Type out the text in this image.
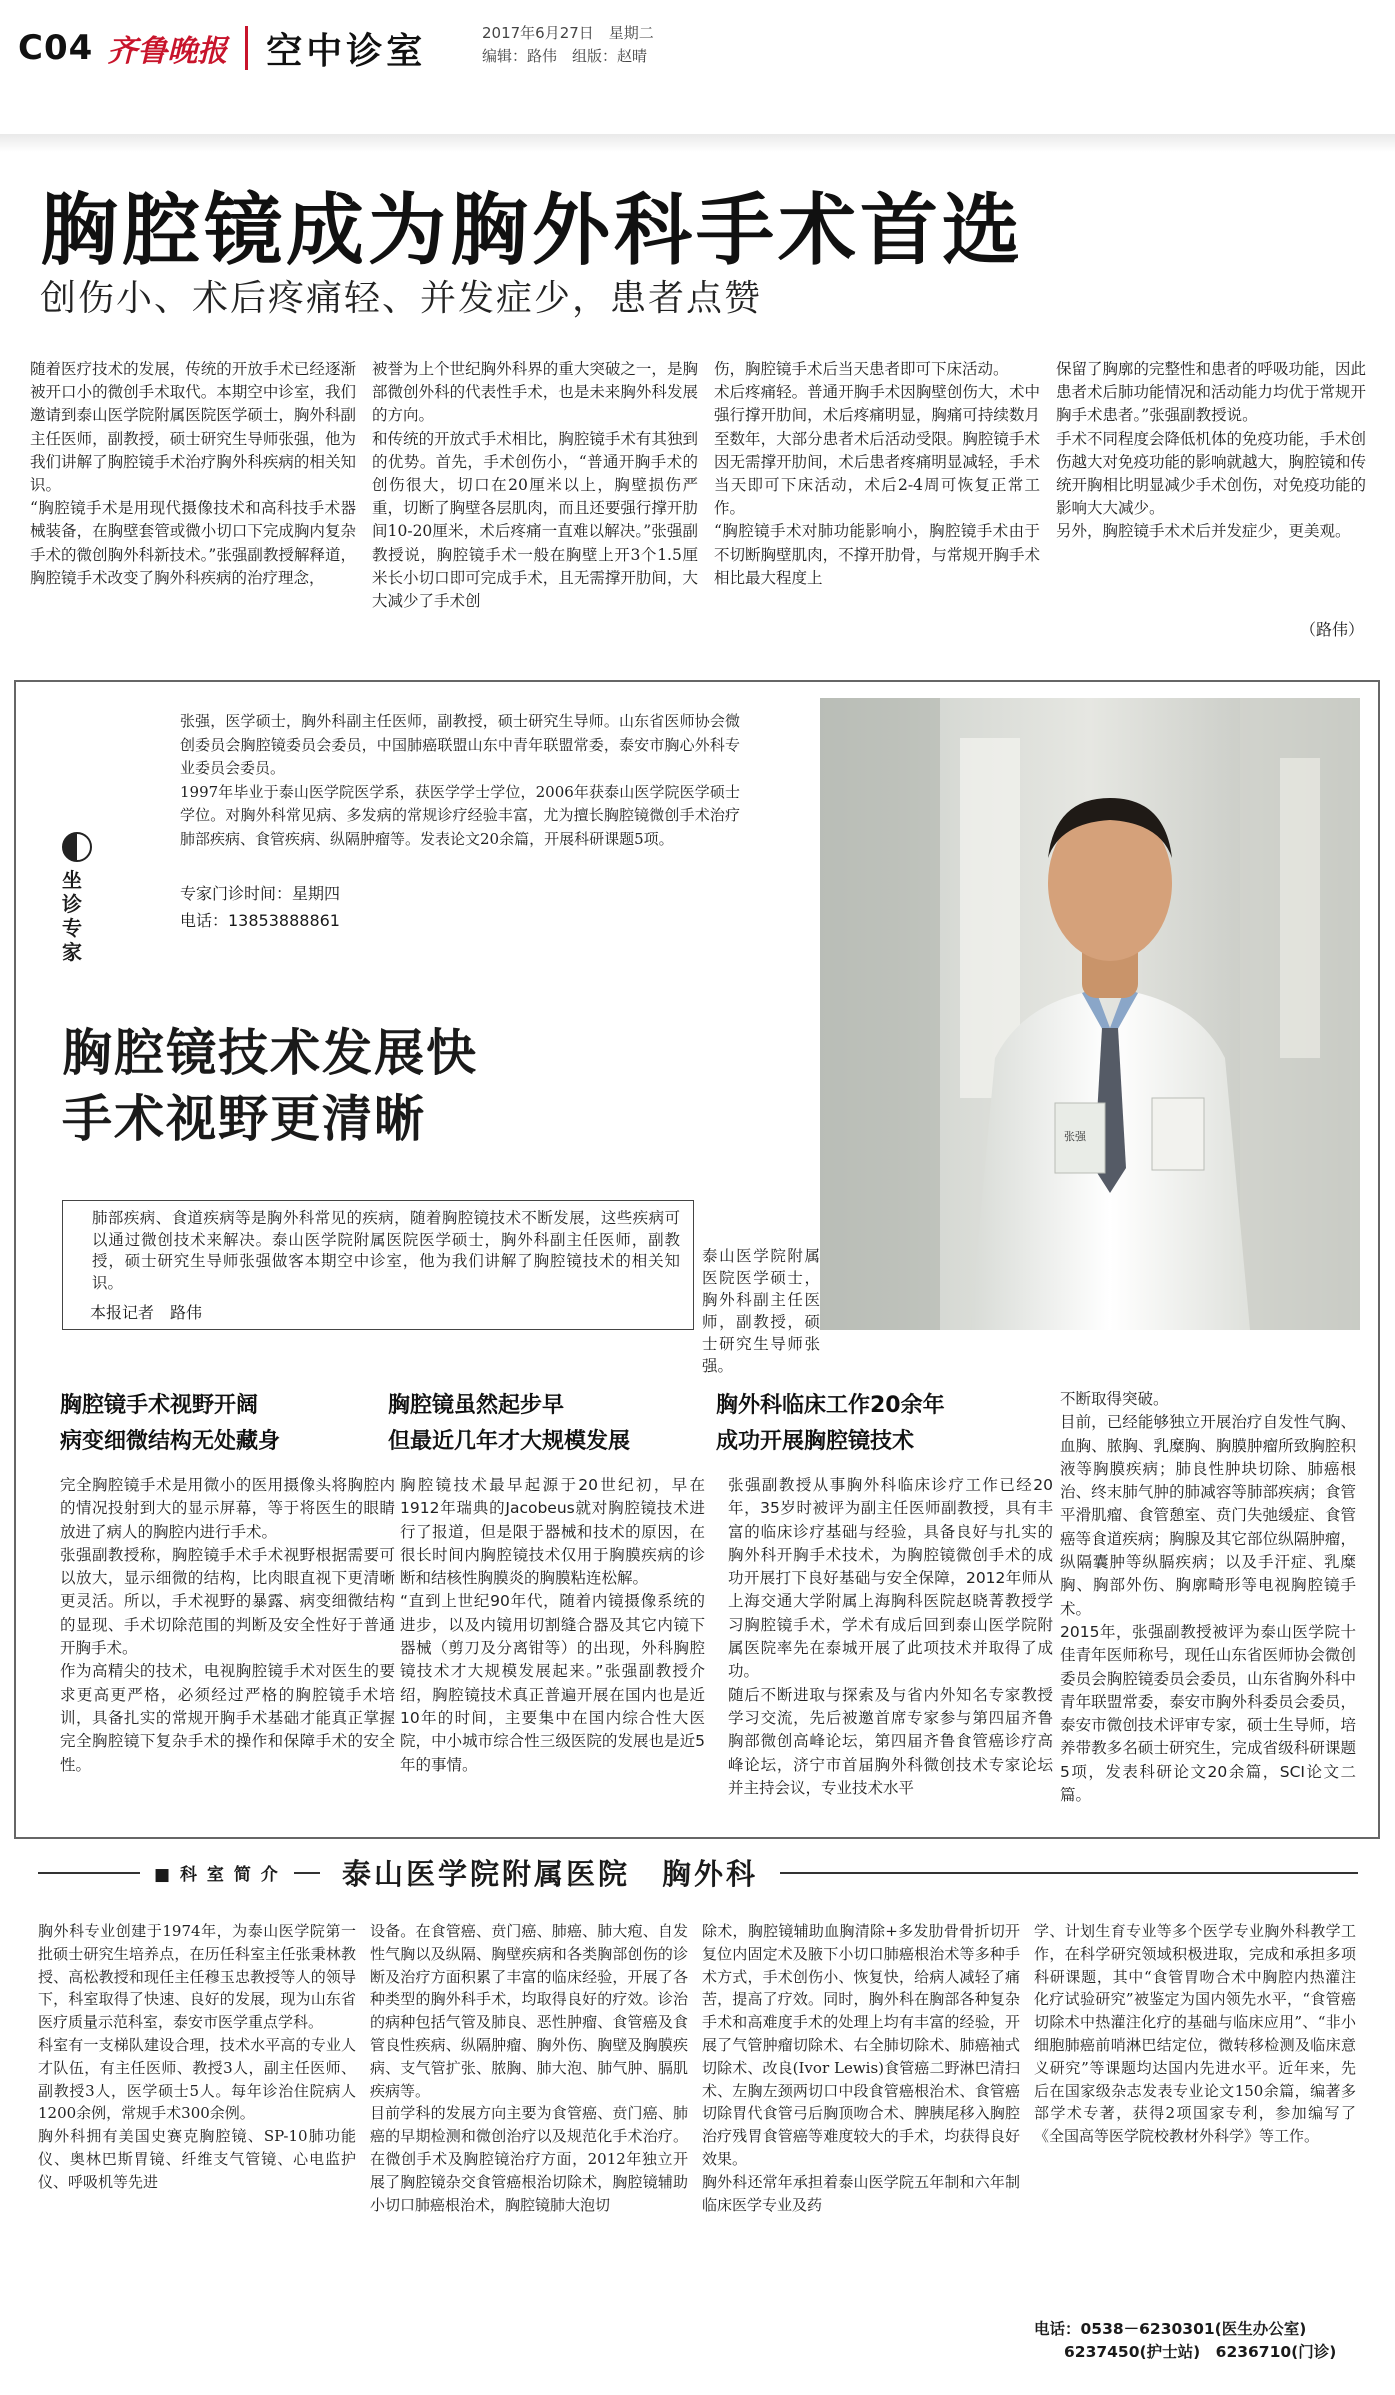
C04 齐鲁晚报 空中诊室	2017年6月27日　星期二
编辑：路伟　组版：赵晴
胸腔镜成为胸外科手术首选
创伤小、术后疼痛轻、并发症少，患者点赞
随着医疗技术的发展，传统的开放手术已经逐渐被开口小的微创手术取代。本期空中诊室，我们邀请到泰山医学院附属医院医学硕士，胸外科副主任医师，副教授，硕士研究生导师张强，他为我们讲解了胸腔镜手术治疗胸外科疾病的相关知识。
“胸腔镜手术是用现代摄像技术和高科技手术器械装备，在胸壁套管或微小切口下完成胸内复杂手术的微创胸外科新技术。”张强副教授解释道，胸腔镜手术改变了胸外科疾病的治疗理念，
被誉为上个世纪胸外科界的重大突破之一，是胸部微创外科的代表性手术，也是未来胸外科发展的方向。
和传统的开放式手术相比，胸腔镜手术有其独到的优势。首先，手术创伤小，“普通开胸手术的创伤很大，切口在20厘米以上，胸壁损伤严重，切断了胸壁各层肌肉，而且还要强行撑开肋间10-20厘米，术后疼痛一直难以解决。”张强副教授说，胸腔镜手术一般在胸壁上开3个1.5厘米长小切口即可完成手术，且无需撑开肋间，大大减少了手术创
伤，胸腔镜手术后当天患者即可下床活动。
术后疼痛轻。普通开胸手术因胸壁创伤大，术中强行撑开肋间，术后疼痛明显，胸痛可持续数月至数年，大部分患者术后活动受限。胸腔镜手术因无需撑开肋间，术后患者疼痛明显减轻，手术当天即可下床活动，术后2-4周可恢复正常工作。
“胸腔镜手术对肺功能影响小，胸腔镜手术由于不切断胸壁肌肉，不撑开肋骨，与常规开胸手术相比最大程度上
保留了胸廓的完整性和患者的呼吸功能，因此患者术后肺功能情况和活动能力均优于常规开胸手术患者。”张强副教授说。
手术不同程度会降低机体的免疫功能，手术创伤越大对免疫功能的影响就越大，胸腔镜和传统开胸相比明显减少手术创伤，对免疫功能的影响大大减少。
另外，胸腔镜手术术后并发症少，更美观。
（路伟）
坐诊专家
张强，医学硕士，胸外科副主任医师，副教授，硕士研究生导师。山东省医师协会微创委员会胸腔镜委员会委员，中国肺癌联盟山东中青年联盟常委，泰安市胸心外科专业委员会委员。
1997年毕业于泰山医学院医学系，获医学学士学位，2006年获泰山医学院医学硕士学位。对胸外科常见病、多发病的常规诊疗经验丰富，尤为擅长胸腔镜微创手术治疗肺部疾病、食管疾病、纵隔肿瘤等。发表论文20余篇，开展科研课题5项。
专家门诊时间：星期四
电话：13853888861
张强
泰山医学院附属医院医学硕士，胸外科副主任医师，副教授，硕士研究生导师张强。
胸腔镜技术发展快
手术视野更清晰
肺部疾病、食道疾病等是胸外科常见的疾病，随着胸腔镜技术不断发展，这些疾病可以通过微创技术来解决。泰山医学院附属医院医学硕士，胸外科副主任医师，副教授，硕士研究生导师张强做客本期空中诊室，他为我们讲解了胸腔镜技术的相关知识。
本报记者　路伟
胸腔镜手术视野开阔
病变细微结构无处藏身
完全胸腔镜手术是用微小的医用摄像头将胸腔内的情况投射到大的显示屏幕，等于将医生的眼睛放进了病人的胸腔内进行手术。
张强副教授称，胸腔镜手术手术视野根据需要可以放大，显示细微的结构，比肉眼直视下更清晰更灵活。所以，手术视野的暴露、病变细微结构的显现、手术切除范围的判断及安全性好于普通开胸手术。
作为高精尖的技术，电视胸腔镜手术对医生的要求更高更严格，必须经过严格的胸腔镜手术培训，具备扎实的常规开胸手术基础才能真正掌握完全胸腔镜下复杂手术的操作和保障手术的安全性。
胸腔镜虽然起步早
但最近几年才大规模发展
胸腔镜技术最早起源于20世纪初，早在1912年瑞典的Jacobeus就对胸腔镜技术进行了报道，但是限于器械和技术的原因，在很长时间内胸腔镜技术仅用于胸膜疾病的诊断和结核性胸膜炎的胸膜粘连松解。
“直到上世纪90年代，随着内镜摄像系统的进步，以及内镜用切割缝合器及其它内镜下器械（剪刀及分离钳等）的出现，外科胸腔镜技术才大规模发展起来。”张强副教授介绍，胸腔镜技术真正普遍开展在国内也是近10年的时间，主要集中在国内综合性大医院，中小城市综合性三级医院的发展也是近5年的事情。
胸外科临床工作20余年
成功开展胸腔镜技术
张强副教授从事胸外科临床诊疗工作已经20年，35岁时被评为副主任医师副教授，具有丰富的临床诊疗基础与经验，具备良好与扎实的胸外科开胸手术技术，为胸腔镜微创手术的成功开展打下良好基础与安全保障，2012年师从上海交通大学附属上海胸科医院赵晓菁教授学习胸腔镜手术，学术有成后回到泰山医学院附属医院率先在泰城开展了此项技术并取得了成功。
随后不断进取与探索及与省内外知名专家教授学习交流，先后被邀首席专家参与第四届齐鲁胸部微创高峰论坛，第四届齐鲁食管癌诊疗高峰论坛，济宁市首届胸外科微创技术专家论坛并主持会议，专业技术水平
不断取得突破。
目前，已经能够独立开展治疗自发性气胸、血胸、脓胸、乳糜胸、胸膜肿瘤所致胸腔积液等胸膜疾病；肺良性肿块切除、肺癌根治、终末肺气肿的肺减容等肺部疾病；食管平滑肌瘤、食管憩室、贲门失弛缓症、食管癌等食道疾病；胸腺及其它部位纵隔肿瘤，纵隔囊肿等纵膈疾病；以及手汗症、乳糜胸、胸部外伤、胸廓畸形等电视胸腔镜手术。
2015年，张强副教授被评为泰山医学院十佳青年医师称号，现任山东省医师协会微创委员会胸腔镜委员会委员，山东省胸外科中青年联盟常委，泰安市胸外科委员会委员，泰安市微创技术评审专家，硕士生导师，培养带教多名硕士研究生，完成省级科研课题5项，发表科研论文20余篇，SCI论文二篇。
■ 科 室 简 介	泰山医学院附属医院　胸外科
胸外科专业创建于1974年，为泰山医学院第一批硕士研究生培养点，在历任科室主任张秉林教授、高松教授和现任主任穆玉忠教授等人的领导下，科室取得了快速、良好的发展，现为山东省医疗质量示范科室，泰安市医学重点学科。
科室有一支梯队建设合理，技术水平高的专业人才队伍，有主任医师、教授3人，副主任医师、副教授3人，医学硕士5人。每年诊治住院病人1200余例，常规手术300余例。
胸外科拥有美国史赛克胸腔镜、SP-10肺功能仪、奥林巴斯胃镜、纤维支气管镜、心电监护仪、呼吸机等先进
设备。在食管癌、贲门癌、肺癌、肺大疱、自发性气胸以及纵隔、胸壁疾病和各类胸部创伤的诊断及治疗方面积累了丰富的临床经验，开展了各种类型的胸外科手术，均取得良好的疗效。诊治的病种包括气管及肺良、恶性肿瘤、食管癌及食管良性疾病、纵隔肿瘤、胸外伤、胸壁及胸膜疾病、支气管扩张、脓胸、肺大泡、肺气肿、膈肌疾病等。
目前学科的发展方向主要为食管癌、贲门癌、肺癌的早期检测和微创治疗以及规范化手术治疗。在微创手术及胸腔镜治疗方面，2012年独立开展了胸腔镜杂交食管癌根治切除术，胸腔镜辅助小切口肺癌根治术，胸腔镜肺大泡切
除术，胸腔镜辅助血胸清除+多发肋骨骨折切开复位内固定术及腋下小切口肺癌根治术等多种手术方式，手术创伤小、恢复快，给病人减轻了痛苦，提高了疗效。同时，胸外科在胸部各种复杂手术和高难度手术的处理上均有丰富的经验，开展了气管肿瘤切除术、右全肺切除术、肺癌袖式切除术、改良(Ivor Lewis)食管癌二野淋巴清扫术、左胸左颈两切口中段食管癌根治术、食管癌切除胃代食管弓后胸顶吻合术、脾胰尾移入胸腔治疗残胃食管癌等难度较大的手术，均获得良好效果。
胸外科还常年承担着泰山医学院五年制和六年制临床医学专业及药
学、计划生育专业等多个医学专业胸外科教学工作，在科学研究领域积极进取，完成和承担多项科研课题，其中“食管胃吻合术中胸腔内热灌注化疗试验研究”被鉴定为国内领先水平，“食管癌切除术中热灌注化疗的基础与临床应用”、“非小细胞肺癌前哨淋巴结定位，微转移检测及临床意义研究”等课题均达国内先进水平。近年来，先后在国家级杂志发表专业论文150余篇，编著多部学术专著，获得2项国家专利，参加编写了《全国高等医学院校教材外科学》等工作。
电话：0538－6230301(医生办公室)
6237450(护士站)　6236710(门诊)
